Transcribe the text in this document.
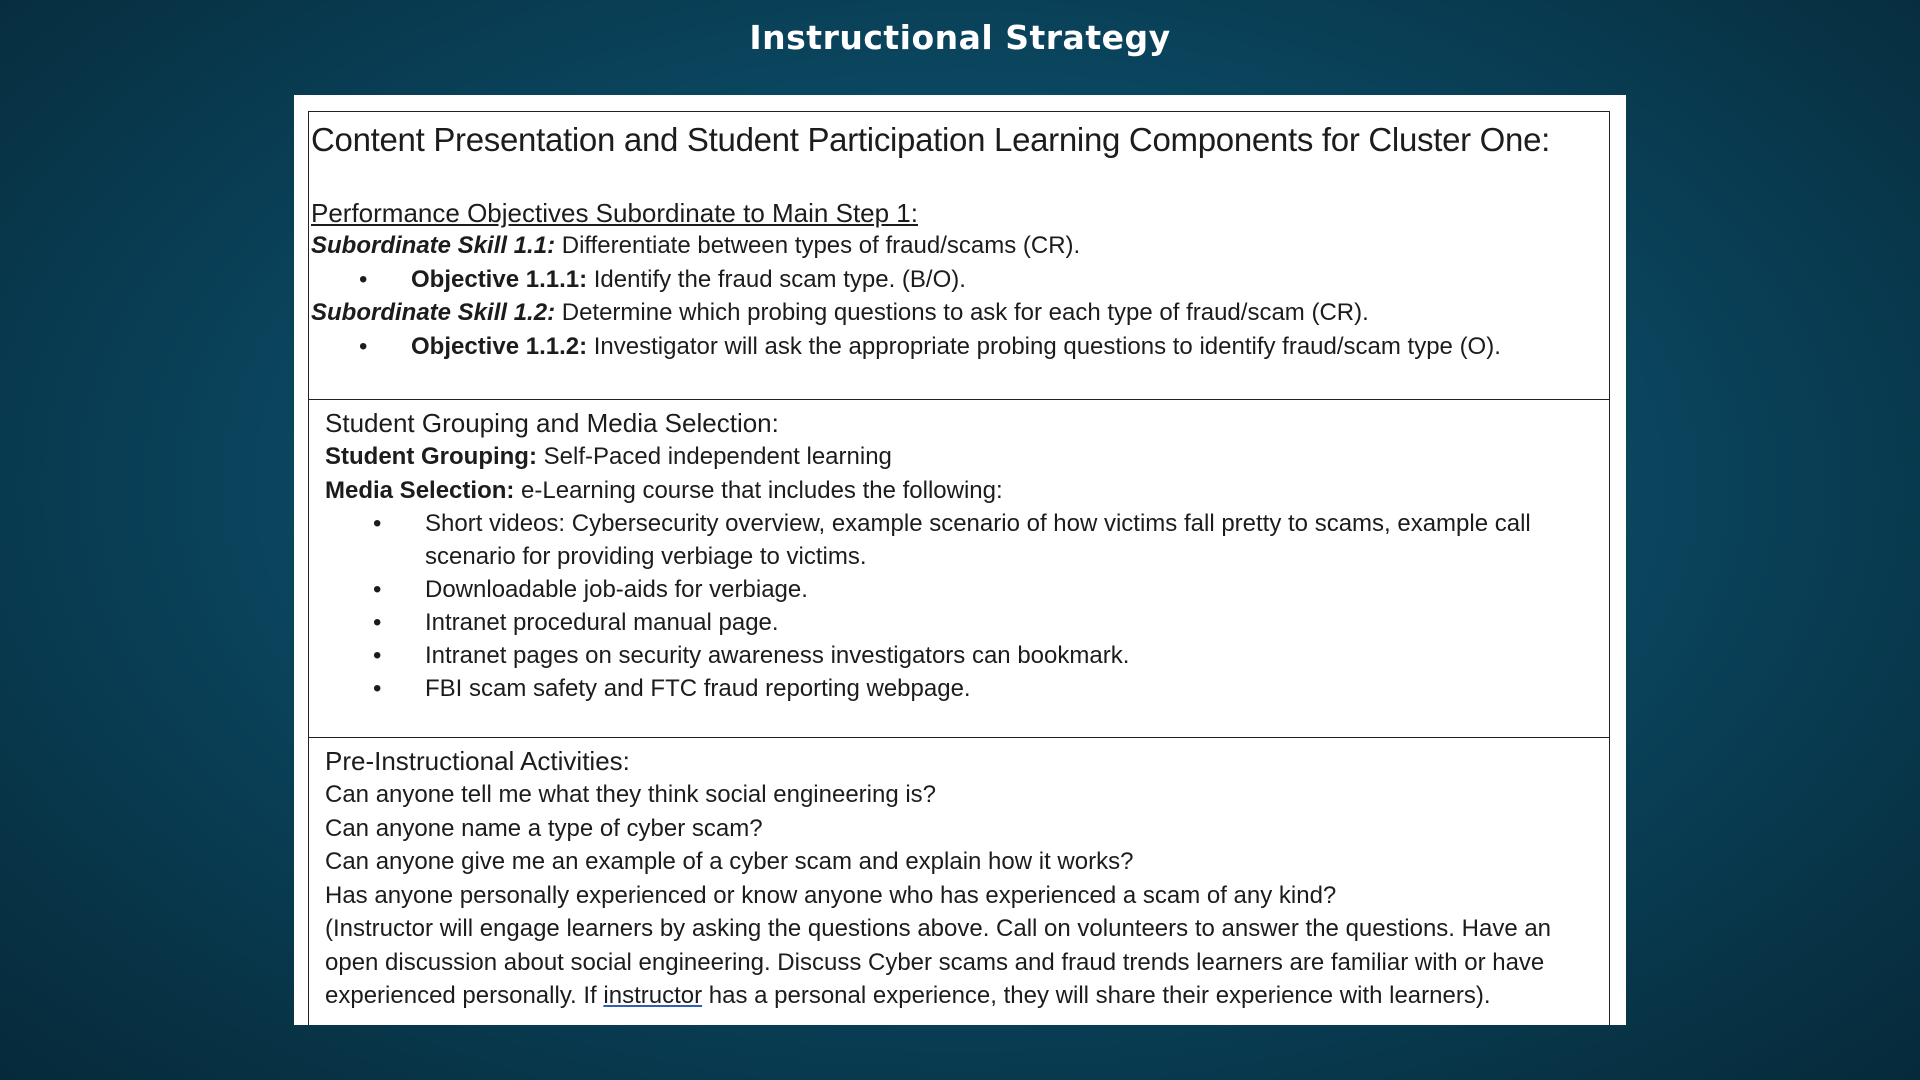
Instructional Strategy
Content Presentation and Student Participation Learning Components for Cluster One:
Performance Objectives Subordinate to Main Step 1:
Subordinate Skill 1.1: Differentiate between types of fraud/scams (CR).
• Objective 1.1.1: Identify the fraud scam type. (B/O).
Subordinate Skill 1.2: Determine which probing questions to ask for each type of fraud/scam (CR).
• Objective 1.1.2: Investigator will ask the appropriate probing questions to identify fraud/scam type (O).
Student Grouping and Media Selection:
Student Grouping: Self-Paced independent learning
Media Selection: e-Learning course that includes the following:
• Short videos: Cybersecurity overview, example scenario of how victims fall pretty to scams, example call scenario for providing verbiage to victims.
• Downloadable job-aids for verbiage.
• Intranet procedural manual page.
• Intranet pages on security awareness investigators can bookmark.
• FBI scam safety and FTC fraud reporting webpage.
Pre-Instructional Activities:
Can anyone tell me what they think social engineering is?
Can anyone name a type of cyber scam?
Can anyone give me an example of a cyber scam and explain how it works?
Has anyone personally experienced or know anyone who has experienced a scam of any kind?
(Instructor will engage learners by asking the questions above. Call on volunteers to answer the questions. Have an open discussion about social engineering. Discuss Cyber scams and fraud trends learners are familiar with or have experienced personally. If instructor has a personal experience, they will share their experience with learners).
